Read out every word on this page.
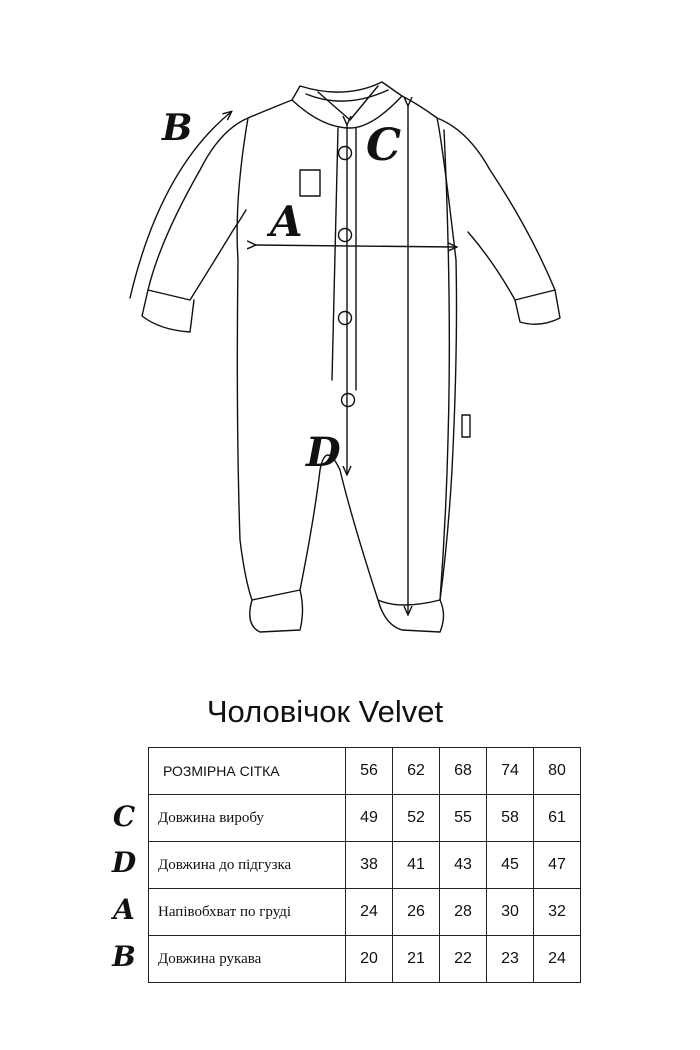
B	C
A
D
Чоловічок Velvet
C
D
A
B
РОЗМІРНА СІТКА	56	62	68	74	80
Довжина виробу	49	52	55	58	61
Довжина до підгузка	38	41	43	45	47
Напівобхват по груді	24	26	28	30	32
Довжина рукава	20	21	22	23	24
